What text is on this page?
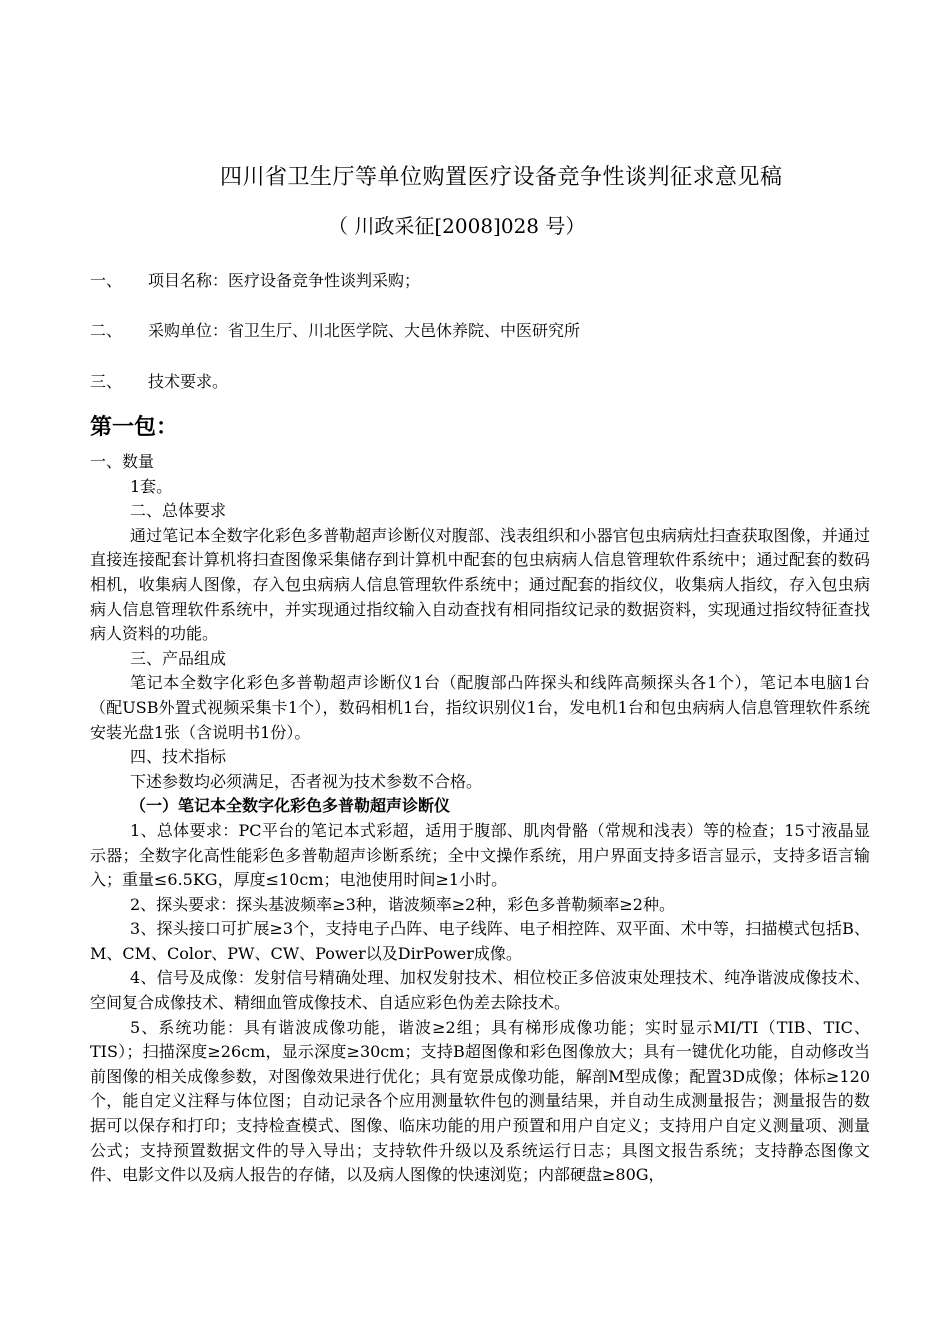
四川省卫生厅等单位购置医疗设备竞争性谈判征求意见稿
（ 川政采征[2008]028 号）
一、 项目名称：医疗设备竞争性谈判采购；
二、 采购单位：省卫生厅、川北医学院、大邑休养院、中医研究所
三、 技术要求。
第一包：

一、数量

1套。

二、总体要求

通过笔记本全数字化彩色多普勒超声诊断仪对腹部、浅表组织和小器官包虫病病灶扫查获取图像，并通过直接连接配套计算机将扫查图像采集储存到计算机中配套的包虫病病人信息管理软件系统中；通过配套的数码相机，收集病人图像，存入包虫病病人信息管理软件系统中；通过配套的指纹仪，收集病人指纹，存入包虫病病人信息管理软件系统中，并实现通过指纹输入自动查找有相同指纹记录的数据资料，实现通过指纹特征查找病人资料的功能。

三、产品组成

笔记本全数字化彩色多普勒超声诊断仪1台（配腹部凸阵探头和线阵高频探头各1个），笔记本电脑1台（配USB外置式视频采集卡1个），数码相机1台，指纹识别仪1台，发电机1台和包虫病病人信息管理软件系统安装光盘1张（含说明书1份）。

四、技术指标

下述参数均必须满足，否者视为技术参数不合格。

（一）笔记本全数字化彩色多普勒超声诊断仪

1、总体要求：PC平台的笔记本式彩超，适用于腹部、肌肉骨骼（常规和浅表）等的检查；15寸液晶显示器；全数字化高性能彩色多普勒超声诊断系统；全中文操作系统，用户界面支持多语言显示，支持多语言输入；重量≤6.5KG，厚度≤10cm；电池使用时间≥1小时。

2、探头要求：探头基波频率≥3种，谐波频率≥2种，彩色多普勒频率≥2种。

3、探头接口可扩展≥3个，支持电子凸阵、电子线阵、电子相控阵、双平面、术中等，扫描模式包括B、M、CM、Color、PW、CW、Power以及DirPower成像。

4、信号及成像：发射信号精确处理、加权发射技术、相位校正多倍波束处理技术、纯净谐波成像技术、空间复合成像技术、精细血管成像技术、自适应彩色伪差去除技术。

5、系统功能：具有谐波成像功能，谐波≥2组；具有梯形成像功能；实时显示MI/TI（TIB、TIC、TIS）；扫描深度≥26cm，显示深度≥30cm；支持B超图像和彩色图像放大；具有一键优化功能，自动修改当前图像的相关成像参数，对图像效果进行优化；具有宽景成像功能，解剖M型成像；配置3D成像；体标≥120个，能自定义注释与体位图；自动记录各个应用测量软件包的测量结果，并自动生成测量报告；测量报告的数据可以保存和打印；支持检查模式、图像、临床功能的用户预置和用户自定义；支持用户自定义测量项、测量公式；支持预置数据文件的导入导出；支持软件升级以及系统运行日志；具图文报告系统；支持静态图像文件、电影文件以及病人报告的存储，以及病人图像的快速浏览；内部硬盘≥80G，
